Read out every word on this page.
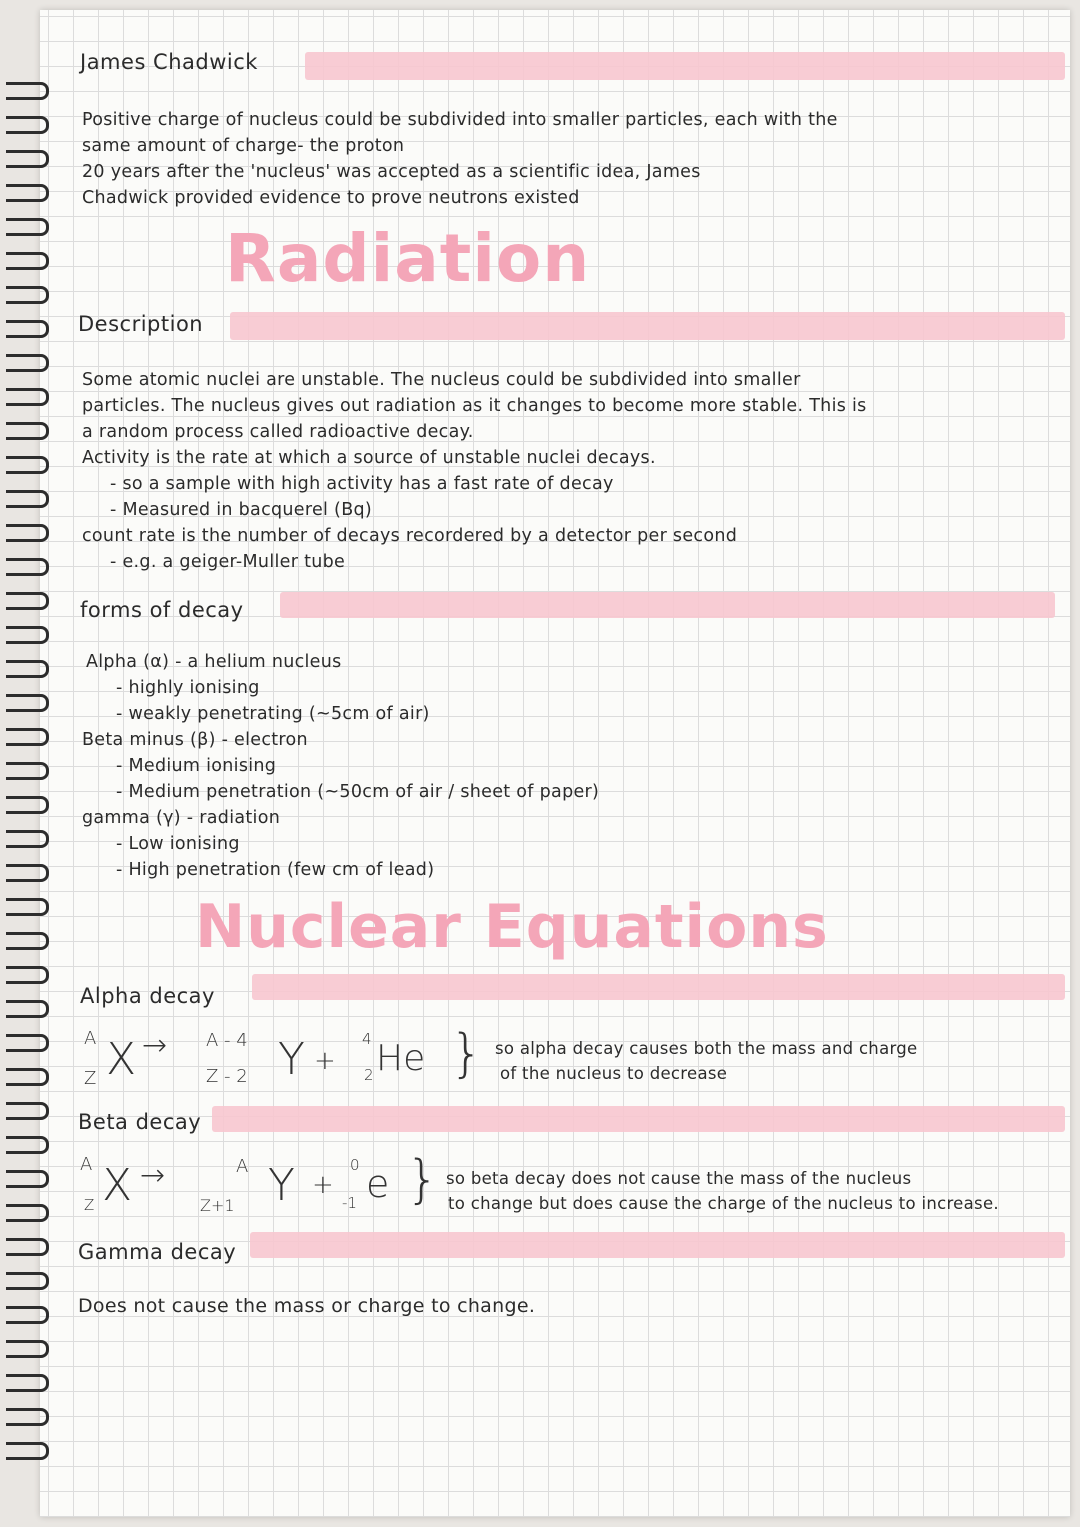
James Chadwick
Positive charge of nucleus could be subdivided into smaller particles, each with the
same amount of charge- the proton
20 years after the 'nucleus' was accepted as a scientific idea, James
Chadwick provided evidence to prove neutrons existed
Radiation
Description
Some atomic nuclei are unstable. The nucleus could be subdivided into smaller
particles. The nucleus gives out radiation as it changes to become more stable. This is
a random process called radioactive decay.
Activity is the rate at which a source of unstable nuclei decays.
- so a sample with high activity has a fast rate of decay
- Measured in bacquerel (Bq)
count rate is the number of decays recordered by a detector per second
- e.g. a geiger-Muller tube
forms of decay
Alpha (α) - a helium nucleus
- highly ionising
- weakly penetrating (~5cm of air)
Beta minus (β) - electron
- Medium ionising
- Medium penetration (~50cm of air / sheet of paper)
gamma (γ) - radiation
- Low ionising
- High penetration (few cm of lead)
Nuclear Equations
Alpha decay
A
Z X → A - 4
Z - 2 Y +
4
2 He } so alpha decay causes both the mass and charge
of the nucleus to decrease
Beta decay
A
Z X →	A
Z+1 Y +
0
-1 e } so beta decay does not cause the mass of the nucleus
to change but does cause the charge of the nucleus to increase.
Gamma decay
Does not cause the mass or charge to change.
